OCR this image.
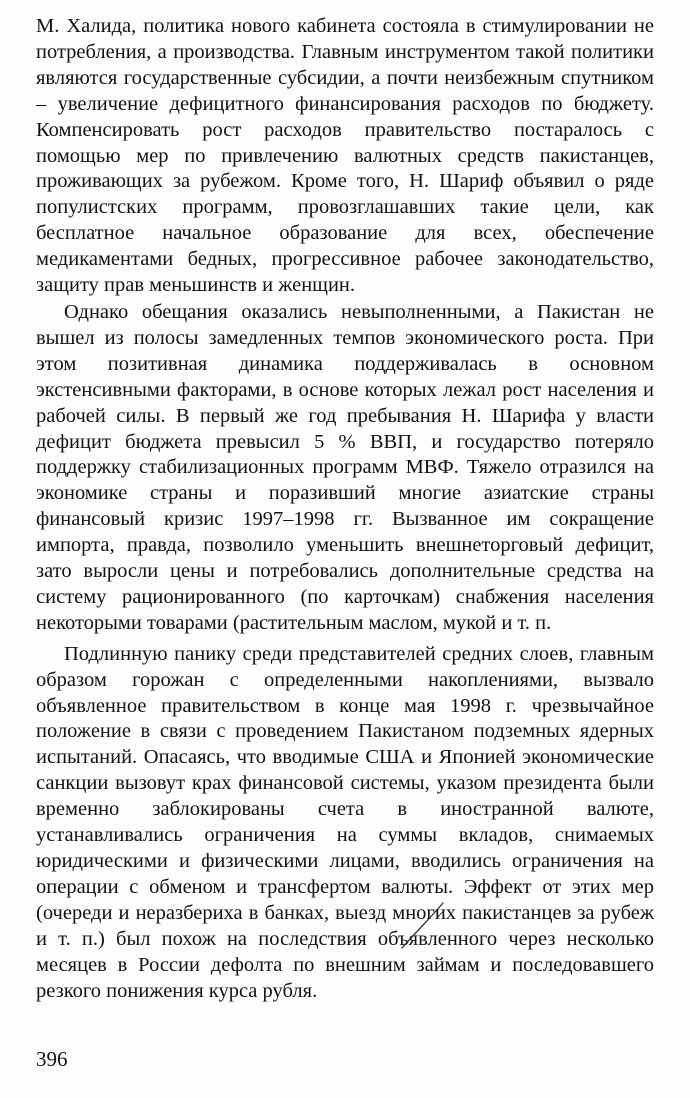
М. Халида, политика нового кабинета состояла в стимулировании не потребления, а производства. Главным инструментом такой политики являются государственные субсидии, а почти неизбежным спутником – увеличение дефицитного финансирования расходов по бюджету. Компенсировать рост расходов правительство постаралось с помощью мер по привлечению валютных средств пакистанцев, проживающих за рубежом. Кроме того, Н. Шариф объявил о ряде популистских программ, провозглашавших такие цели, как бесплатное начальное образование для всех, обеспечение медикаментами бедных, прогрессивное рабочее законодательство, защиту прав меньшинств и женщин.

Однако обещания оказались невыполненными, а Пакистан не вышел из полосы замедленных темпов экономического роста. При этом позитивная динамика поддерживалась в основном экстенсивными факторами, в основе которых лежал рост населения и рабочей силы. В первый же год пребывания Н. Шарифа у власти дефицит бюджета превысил 5 % ВВП, и государство потеряло поддержку стабилизационных программ МВФ. Тяжело отразился на экономике страны и поразивший многие азиатские страны финансовый кризис 1997–1998 гг. Вызванное им сокращение импорта, правда, позволило уменьшить внешнеторговый дефицит, зато выросли цены и потребовались дополнительные средства на систему рационированного (по карточкам) снабжения населения некоторыми товарами (растительным маслом, мукой и т. п.

Подлинную панику среди представителей средних слоев, главным образом горожан с определенными накоплениями, вызвало объявленное правительством в конце мая 1998 г. чрезвычайное положение в связи с проведением Пакистаном подземных ядерных испытаний. Опасаясь, что вводимые США и Японией экономические санкции вызовут крах финансовой системы, указом президента были временно заблокированы счета в иностранной валюте, устанавливались ограничения на суммы вкладов, снимаемых юридическими и физическими лицами, вводились ограничения на операции с обменом и трансфертом валюты. Эффект от этих мер (очереди и неразбериха в банках, выезд многих пакистанцев за рубеж и т. п.) был похож на последствия объявленного через несколько месяцев в России дефолта по внешним займам и последовавшего резкого понижения курса рубля.

396
